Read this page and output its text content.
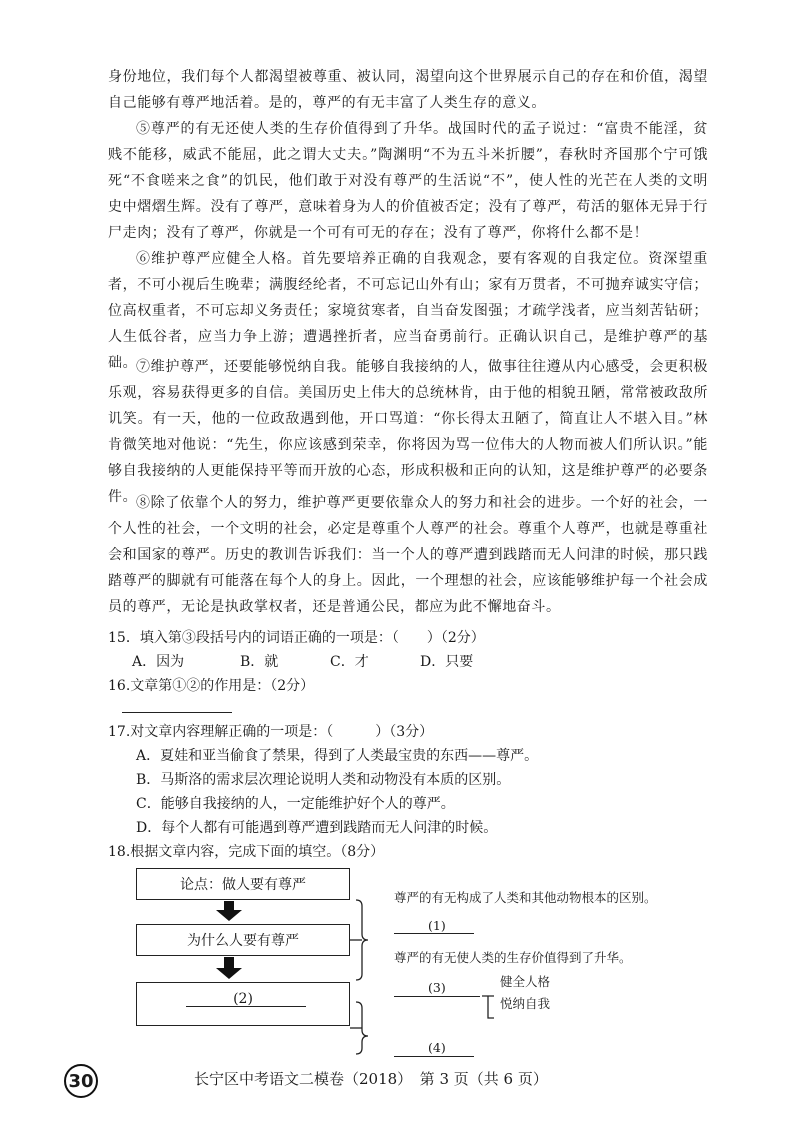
身份地位，我们每个人都渴望被尊重、被认同，渴望向这个世界展示自己的存在和价值，渴望自己能够有尊严地活着。是的，尊严的有无丰富了人类生存的意义。

⑤尊严的有无还使人类的生存价值得到了升华。战国时代的孟子说过：“富贵不能淫，贫贱不能移，威武不能屈，此之谓大丈夫。”陶渊明“不为五斗米折腰”，春秋时齐国那个宁可饿死“不食嗟来之食”的饥民，他们敢于对没有尊严的生活说“不”，使人性的光芒在人类的文明史中熠熠生辉。没有了尊严，意味着身为人的价值被否定；没有了尊严，苟活的躯体无异于行尸走肉；没有了尊严，你就是一个可有可无的存在；没有了尊严，你将什么都不是！

⑥维护尊严应健全人格。首先要培养正确的自我观念，要有客观的自我定位。资深望重者，不可小视后生晚辈；满腹经纶者，不可忘记山外有山；家有万贯者，不可抛弃诚实守信；位高权重者，不可忘却义务责任；家境贫寒者，自当奋发图强；才疏学浅者，应当刻苦钻研；人生低谷者，应当力争上游；遭遇挫折者，应当奋勇前行。正确认识自己，是维护尊严的基础。

⑦维护尊严，还要能够悦纳自我。能够自我接纳的人，做事往往遵从内心感受，会更积极乐观，容易获得更多的自信。美国历史上伟大的总统林肯，由于他的相貌丑陋，常常被政敌所讥笑。有一天，他的一位政敌遇到他，开口骂道：“你长得太丑陋了，简直让人不堪入目。”林肯微笑地对他说：“先生，你应该感到荣幸，你将因为骂一位伟大的人物而被人们所认识。”能够自我接纳的人更能保持平等而开放的心态，形成积极和正向的认知，这是维护尊严的必要条件。

⑧除了依靠个人的努力，维护尊严更要依靠众人的努力和社会的进步。一个好的社会，一个人性的社会，一个文明的社会，必定是尊重个人尊严的社会。尊重个人尊严，也就是尊重社会和国家的尊严。历史的教训告诉我们：当一个人的尊严遭到践踏而无人问津的时候，那只践踏尊严的脚就有可能落在每个人的身上。因此，一个理想的社会，应该能够维护每一个社会成员的尊严，无论是执政掌权者，还是普通公民，都应为此不懈地奋斗。

15．填入第③段括号内的词语正确的一项是：（　　）（2分）

A．因为	B．就	C．才	D．只要

16.文章第①②的作用是：（2分）

17.对文章内容理解正确的一项是：（　　　）（3分）

A．夏娃和亚当偷食了禁果，得到了人类最宝贵的东西——尊严。
B．马斯洛的需求层次理论说明人类和动物没有本质的区别。
C．能够自我接纳的人，一定能维护好个人的尊严。
D．每个人都有可能遇到尊严遭到践踏而无人问津的时候。

18.根据文章内容，完成下面的填空。（8分）

论点：做人要有尊严
为什么人要有尊严
(2)
尊严的有无构成了人类和其他动物根本的区别。
(1)
尊严的有无使人类的生存价值得到了升华。
(3)	健全人格
悦纳自我
(4)
30	长宁区中考语文二模卷（2018）　第 3 页（共 6 页）
